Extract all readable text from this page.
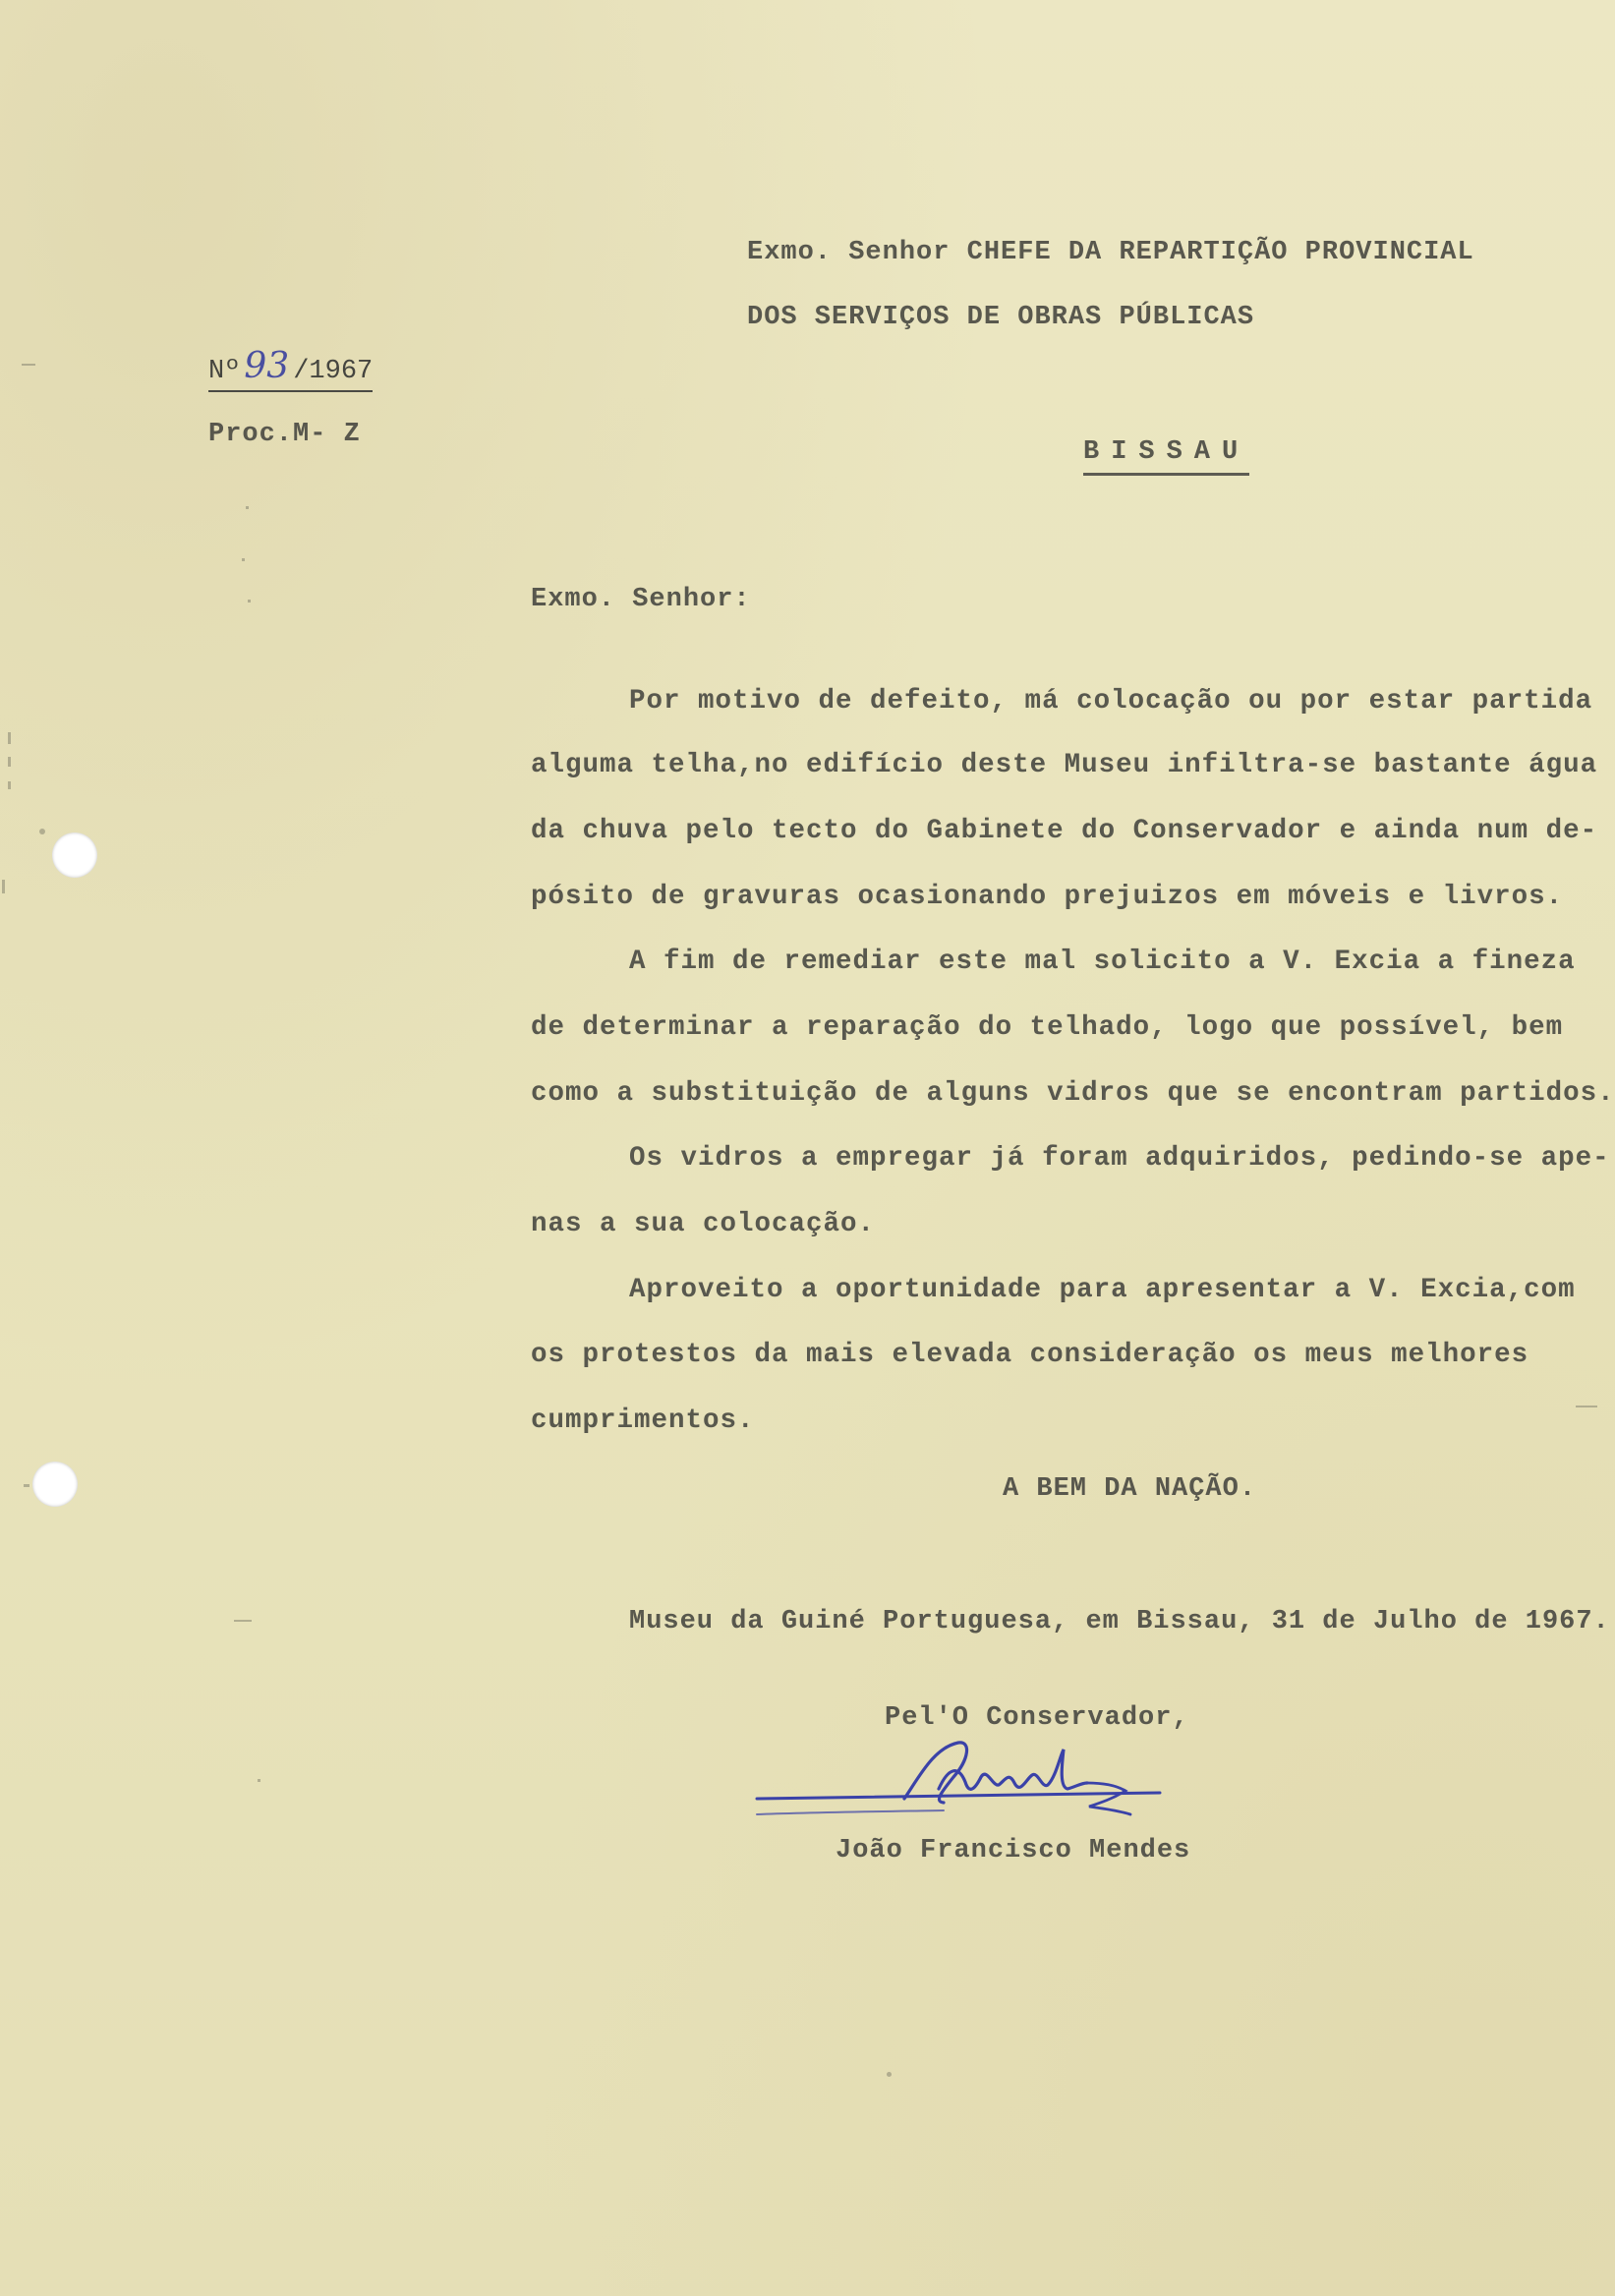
Exmo. Senhor CHEFE DA REPARTIÇÃO PROVINCIAL
DOS SERVIÇOS DE OBRAS PÚBLICAS
Nº 93 /1967
Proc.M- Z
BISSAU
Exmo. Senhor:
Por motivo de defeito, má colocação ou por estar partida
alguma telha,no edifício deste Museu infiltra-se bastante água
da chuva pelo tecto do Gabinete do Conservador e ainda num de-
pósito de gravuras ocasionando prejuizos em móveis e livros.
A fim de remediar este mal solicito a V. Excia a fineza
de determinar a reparação do telhado, logo que possível, bem
como a substituição de alguns vidros que se encontram partidos.
Os vidros a empregar já foram adquiridos, pedindo-se ape-
nas a sua colocação.
Aproveito a oportunidade para apresentar a V. Excia,com
os protestos da mais elevada consideração os meus melhores
cumprimentos.
A BEM DA NAÇÃO.
Museu da Guiné Portuguesa, em Bissau, 31 de Julho de 1967.
Pel'O Conservador,
João Francisco Mendes
